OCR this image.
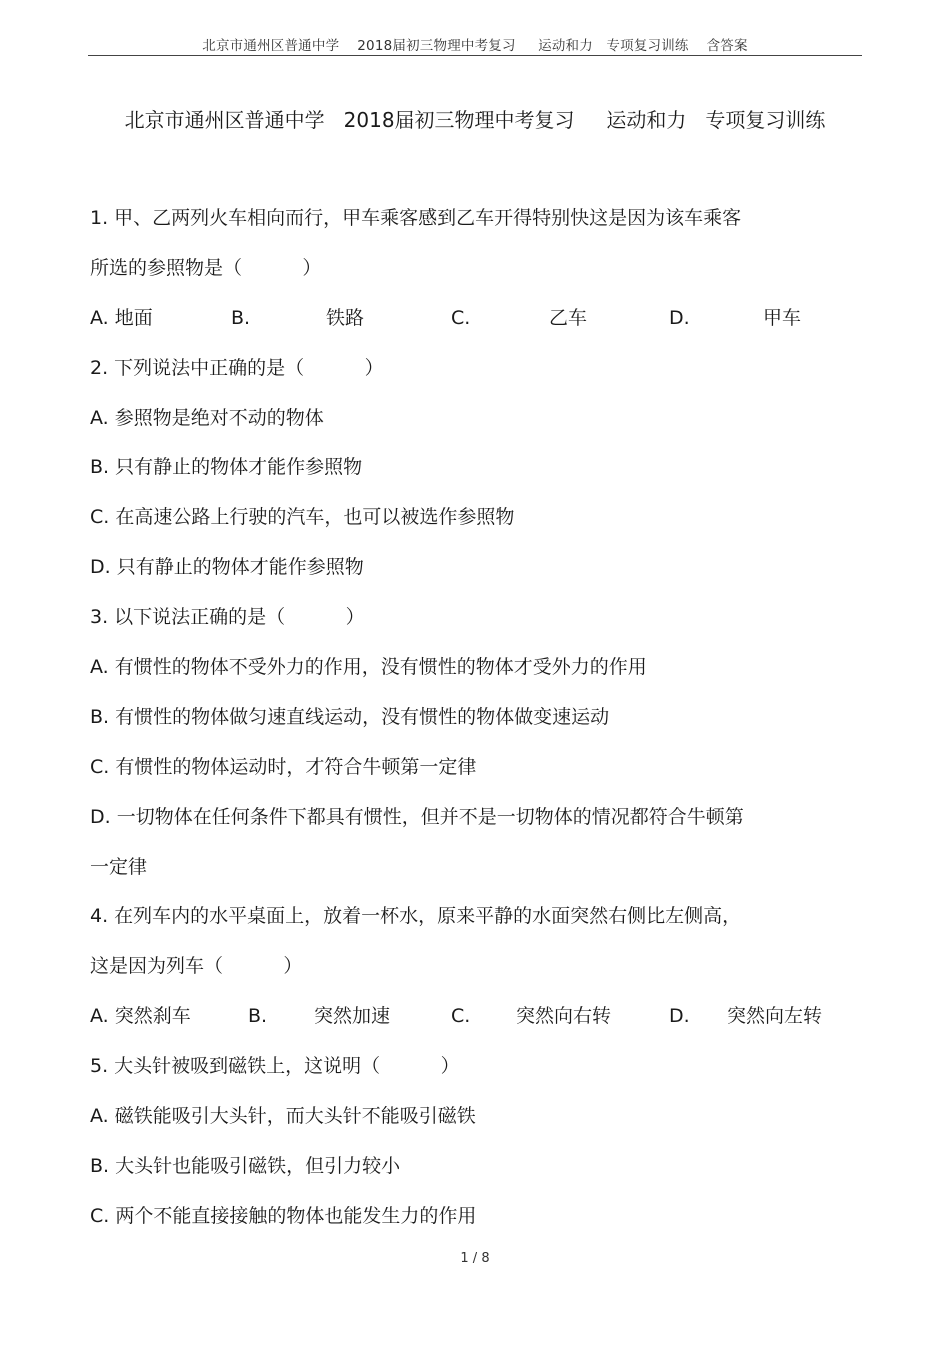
北京市通州区普通中学    2018届初三物理中考复习     运动和力   专项复习训练    含答案
北京市通州区普通中学   2018届初三物理中考复习     运动和力   专项复习训练
1. 甲、乙两列火车相向而行，甲车乘客感到乙车开得特别快这是因为该车乘客
所选的参照物是（          ）
A. 地面	B.	铁路	C.	乙车	D.	甲车
2. 下列说法中正确的是（          ）
A. 参照物是绝对不动的物体
B. 只有静止的物体才能作参照物
C. 在高速公路上行驶的汽车，也可以被选作参照物
D. 只有静止的物体才能作参照物
3. 以下说法正确的是（          ）
A. 有惯性的物体不受外力的作用，没有惯性的物体才受外力的作用
B. 有惯性的物体做匀速直线运动，没有惯性的物体做变速运动
C. 有惯性的物体运动时，才符合牛顿第一定律
D. 一切物体在任何条件下都具有惯性，但并不是一切物体的情况都符合牛顿第
一定律
4. 在列车内的水平桌面上，放着一杯水，原来平静的水面突然右侧比左侧高，
这是因为列车（          ）
A. 突然刹车	B. 突然加速	C. 突然向右转	D. 突然向左转
5. 大头针被吸到磁铁上，这说明（          ）
A. 磁铁能吸引大头针，而大头针不能吸引磁铁
B. 大头针也能吸引磁铁，但引力较小
C. 两个不能直接接触的物体也能发生力的作用
1 / 8
